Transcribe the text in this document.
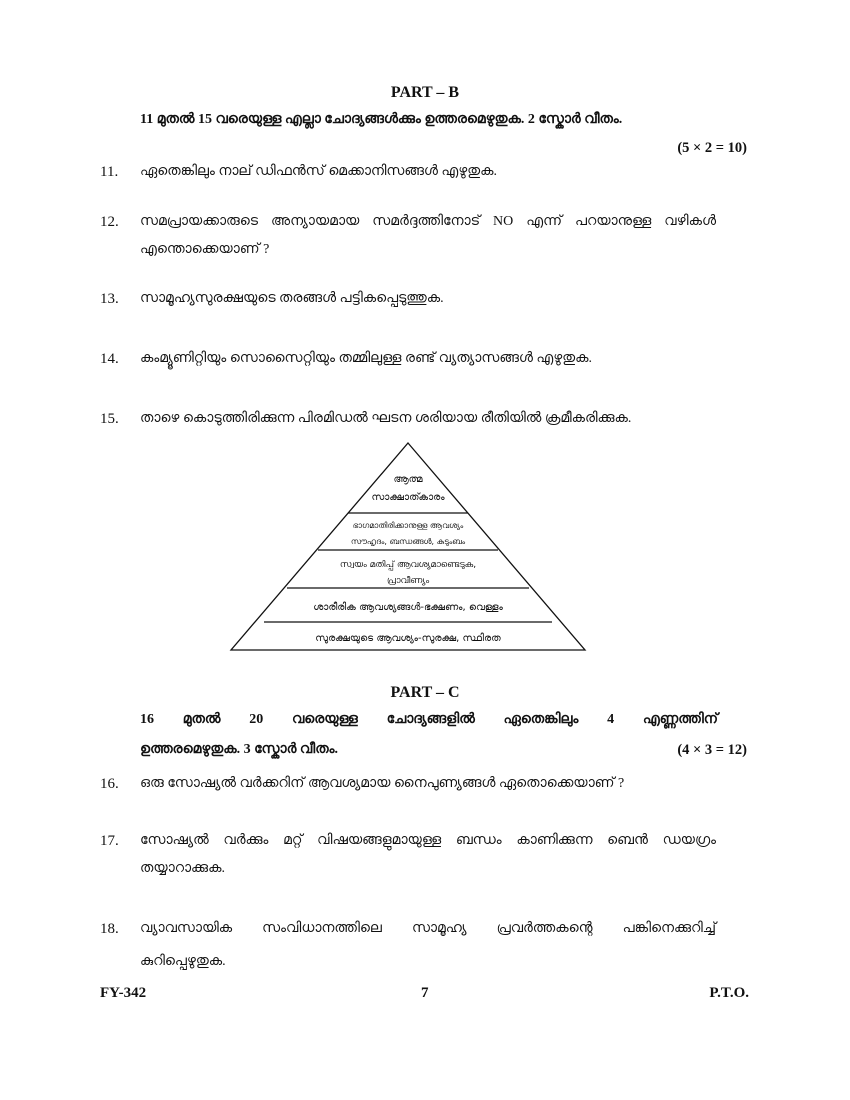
PART – B
11 മുതൽ 15 വരെയുള്ള എല്ലാ ചോദ്യങ്ങൾക്കും ഉത്തരമെഴുതുക. 2 സ്കോർ വീതം.
(5 × 2 = 10)
11. ഏതെങ്കിലും നാല് ഡിഫൻസ് മെക്കാനിസങ്ങൾ എഴുതുക.
12. സമപ്രായക്കാരുടെ അന്യായമായ സമർദ്ദത്തിനോട് NO എന്ന് പറയാനുള്ള വഴികൾ
എന്തൊക്കെയാണ് ?
13. സാമൂഹ്യസുരക്ഷയുടെ തരങ്ങൾ പട്ടികപ്പെടുത്തുക.
14. കംമ്യൂണിറ്റിയും സൊസൈറ്റിയും തമ്മിലുള്ള രണ്ട് വ്യത്യാസങ്ങൾ എഴുതുക.
15. താഴെ കൊടുത്തിരിക്കുന്ന പിരമിഡൽ ഘടന ശരിയായ രീതിയിൽ ക്രമീകരിക്കുക.
ആത്മ
സാക്ഷാത്കാരം
ഭാഗമാതിരിക്കാനുള്ള ആവശ്യം
സൗഹൃദം, ബന്ധങ്ങൾ, കുടുംബം
സ്വയം മതിപ്പ് ആവശ്യമാണ്ടെടുക,
പ്രാവീണ്യം
ശാരീരിക ആവശ്യങ്ങൾ-ഭക്ഷണം, വെള്ളം
സുരക്ഷയുടെ ആവശ്യം-സുരക്ഷ, സ്ഥിരത
PART – C
16 മുതൽ 20 വരെയുള്ള ചോദ്യങ്ങളിൽ ഏതെങ്കിലും 4 എണ്ണത്തിന്
ഉത്തരമെഴുതുക. 3 സ്കോർ വീതം.	(4 × 3 = 12)
16. ഒരു സോഷ്യൽ വർക്കറിന് ആവശ്യമായ നൈപുണ്യങ്ങൾ ഏതൊക്കെയാണ് ?
17. സോഷ്യൽ വർക്കും മറ്റ് വിഷയങ്ങളുമായുള്ള ബന്ധം കാണിക്കുന്ന ബെൻ ഡയഗ്രം
തയ്യാറാക്കുക.
18. വ്യാവസായിക സംവിധാനത്തിലെ സാമൂഹ്യ പ്രവർത്തകന്റെ പങ്കിനെക്കുറിച്ച്
കുറിപ്പെഴുതുക.
FY-342	7	P.T.O.
